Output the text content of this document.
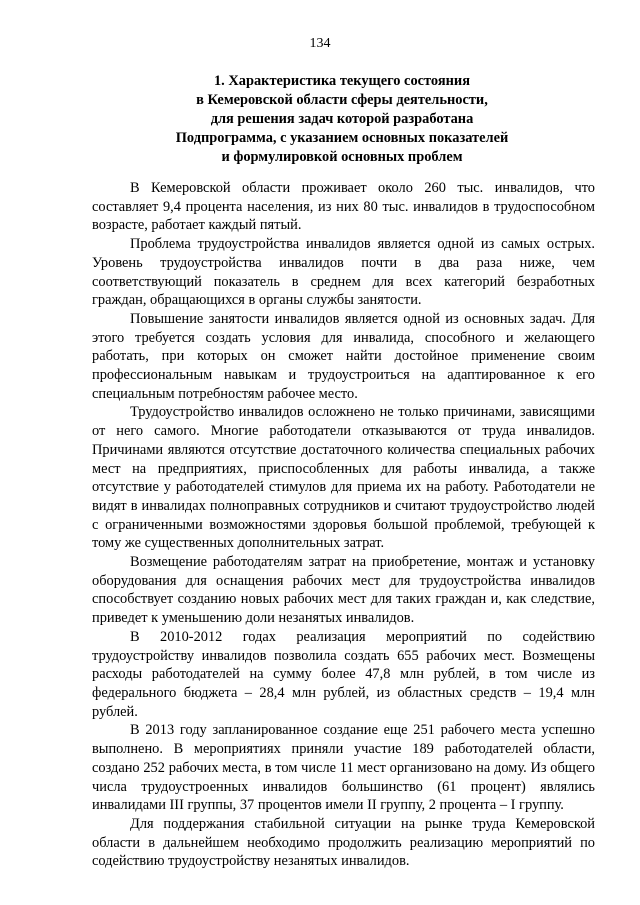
134
1. Характеристика текущего состояния
в Кемеровской области сферы деятельности,
для решения задач которой разработана
Подпрограмма, с указанием основных показателей
и формулировкой основных проблем

В Кемеровской области проживает около 260 тыс. инвалидов, что составляет 9,4 процента населения, из них 80 тыс. инвалидов в трудоспособном возрасте, работает каждый пятый.

Проблема трудоустройства инвалидов является одной из самых острых. Уровень трудоустройства инвалидов почти в два раза ниже, чем соответствующий показатель в среднем для всех категорий безработных граждан, обращающихся в органы службы занятости.

Повышение занятости инвалидов является одной из основных задач. Для этого требуется создать условия для инвалида, способного и желающего работать, при которых он сможет найти достойное применение своим профессиональным навыкам и трудоустроиться на адаптированное к его специальным потребностям рабочее место.

Трудоустройство инвалидов осложнено не только причинами, зависящими от него самого. Многие работодатели отказываются от труда инвалидов. Причинами являются отсутствие достаточного количества специальных рабочих мест на предприятиях, приспособленных для работы инвалида, а также отсутствие у работодателей стимулов для приема их на работу. Работодатели не видят в инвалидах полноправных сотрудников и считают трудоустройство людей с ограниченными возможностями здоровья большой проблемой, требующей к тому же существенных дополнительных затрат.

Возмещение работодателям затрат на приобретение, монтаж и установку оборудования для оснащения рабочих мест для трудоустройства инвалидов способствует созданию новых рабочих мест для таких граждан и, как следствие, приведет к уменьшению доли незанятых инвалидов.

В 2010-2012 годах реализация мероприятий по содействию трудоустройству инвалидов позволила создать 655 рабочих мест. Возмещены расходы работодателей на сумму более 47,8 млн рублей, в том числе из федерального бюджета – 28,4 млн рублей, из областных средств – 19,4 млн рублей.

В 2013 году запланированное создание еще 251 рабочего места успешно выполнено. В мероприятиях приняли участие 189 работодателей области, создано 252 рабочих места, в том числе 11 мест организовано на дому. Из общего числа трудоустроенных инвалидов большинство (61 процент) являлись инвалидами III группы, 37 процентов имели II группу, 2 процента – I группу.

Для поддержания стабильной ситуации на рынке труда Кемеровской области в дальнейшем необходимо продолжить реализацию мероприятий по содействию трудоустройству незанятых инвалидов.
